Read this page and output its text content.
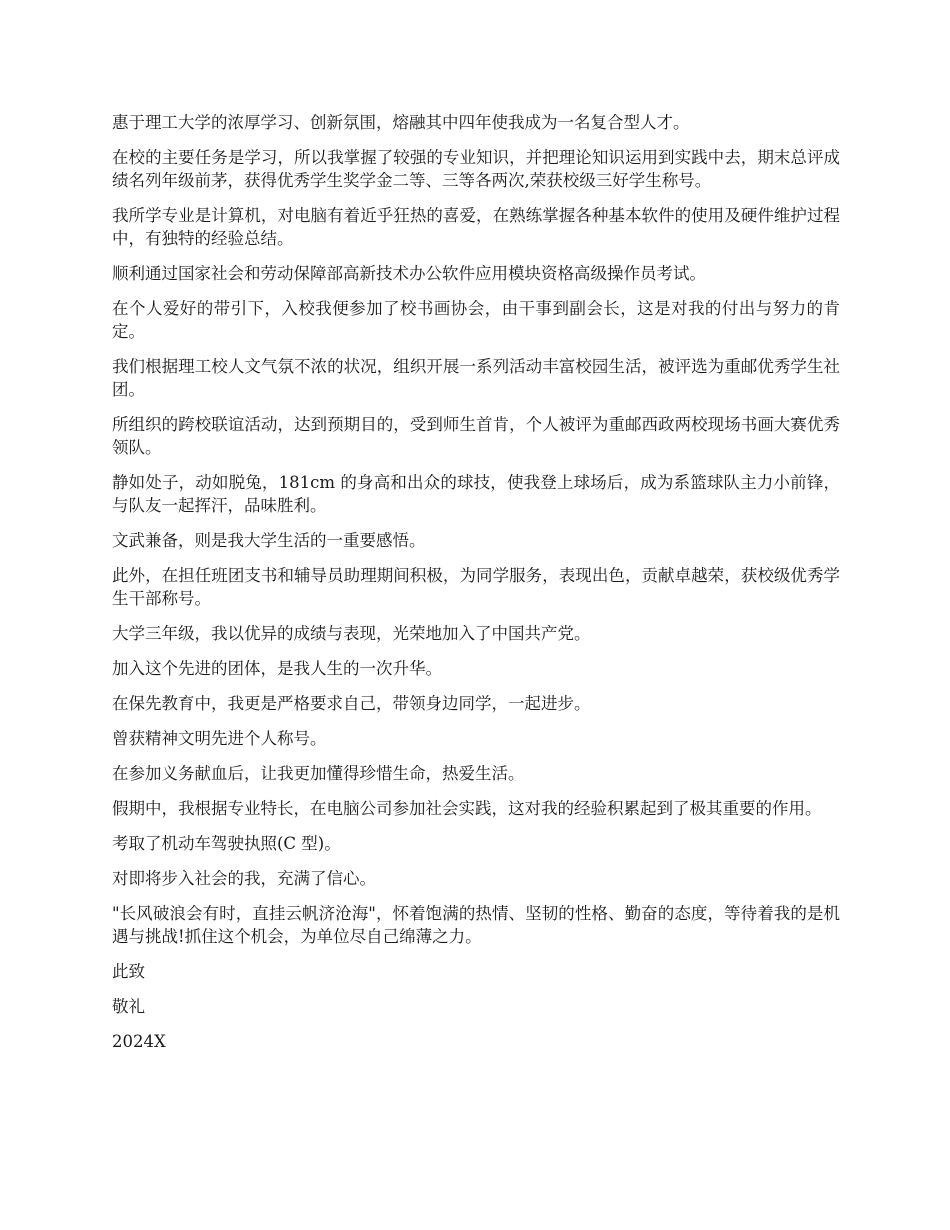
惠于理工大学的浓厚学习、创新氛围，熔融其中四年使我成为一名复合型人才。

在校的主要任务是学习，所以我掌握了较强的专业知识，并把理论知识运用到实践中去，期末总评成绩名列年级前茅，获得优秀学生奖学金二等、三等各两次,荣获校级三好学生称号。

我所学专业是计算机，对电脑有着近乎狂热的喜爱，在熟练掌握各种基本软件的使用及硬件维护过程中，有独特的经验总结。

顺利通过国家社会和劳动保障部高新技术办公软件应用模块资格高级操作员考试。

在个人爱好的带引下，入校我便参加了校书画协会，由干事到副会长，这是对我的付出与努力的肯定。

我们根据理工校人文气氛不浓的状况，组织开展一系列活动丰富校园生活，被评选为重邮优秀学生社团。

所组织的跨校联谊活动，达到预期目的，受到师生首肯，个人被评为重邮西政两校现场书画大赛优秀领队。

静如处子，动如脱兔，181cm 的身高和出众的球技，使我登上球场后，成为系篮球队主力小前锋，与队友一起挥汗，品味胜利。

文武兼备，则是我大学生活的一重要感悟。

此外，在担任班团支书和辅导员助理期间积极，为同学服务，表现出色，贡献卓越荣，获校级优秀学生干部称号。

大学三年级，我以优异的成绩与表现，光荣地加入了中国共产党。

加入这个先进的团体，是我人生的一次升华。

在保先教育中，我更是严格要求自己，带领身边同学，一起进步。

曾获精神文明先进个人称号。

在参加义务献血后，让我更加懂得珍惜生命，热爱生活。

假期中，我根据专业特长，在电脑公司参加社会实践，这对我的经验积累起到了极其重要的作用。

考取了机动车驾驶执照(C 型)。

对即将步入社会的我，充满了信心。

"长风破浪会有时，直挂云帆济沧海"，怀着饱满的热情、坚韧的性格、勤奋的态度，等待着我的是机遇与挑战!抓住这个机会，为单位尽自己绵薄之力。

此致

敬礼

2024X
